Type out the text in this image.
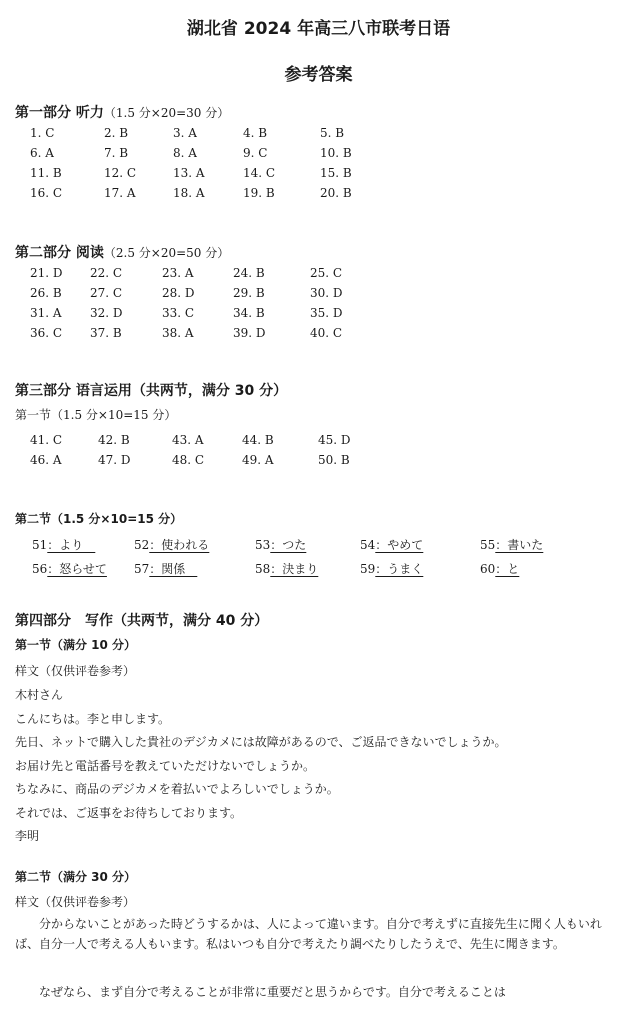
湖北省 2024 年高三八市联考日语
参考答案
第一部分 听力（1.5 分×20=30 分）
1. C	2. B	3. A	4. B	5. B
6. A	7. B	8. A	9. C	10. B
11. B	12. C	13. A	14. C	15. B
16. C	17. A	18. A	19. B	20. B
第二部分 阅读（2.5 分×20=50 分）
21. D 22. C	23. A	24. B	25. C
26. B 27. C	28. D	29. B	30. D
31. A 32. D	33. C	34. B	35. D
36. C 37. B	38. A	39. D	40. C
第三部分 语言运用（共两节，满分 30 分）
第一节（1.5 分×10=15 分）
41. C	42. B	43. A	44. B	45. D
46. A	47. D	48. C	49. A	50. B
第二节（1.5 分×10=15 分）
51：より　	52：使われる	53：つた	54：やめて	55：書いた
56：怒らせて 57：関係　	58：決まり	59：うまく	60：と
第四部分　写作（共两节，满分 40 分）
第一节（满分 10 分）
样文（仅供评卷参考）
木村さん
こんにちは。李と申します。
先日、ネットで購入した貴社のデジカメには故障があるので、ご返品できないでしょうか。
お届け先と電話番号を教えていただけないでしょうか。
ちなみに、商品のデジカメを着払いでよろしいでしょうか。
それでは、ご返事をお待ちしております。
李明
第二节（满分 30 分）
样文（仅供评卷参考）
分からないことがあった時どうするかは、人によって違います。自分で考えずに直接先生に聞く人もいれば、自分一人で考える人もいます。私はいつも自分で考えたり調べたりしたうえで、先生に聞きます。
なぜなら、まず自分で考えることが非常に重要だと思うからです。自分で考えることは
